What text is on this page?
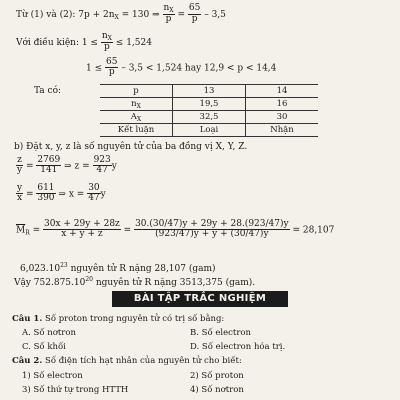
Từ (1) và (2): $7p + 2n_X = 130$ ⇒ $\frac{n_X}{p} = \frac{65}{p} - 3,5$
Với điều kiện: $1 \le \frac{n_X}{p} \le 1,524$
$1 \le \frac{65}{p} - 3,5 < 1,524$ hay 12,9 < p < 14,4
Ta có:	p	13	14
$n_X$	19,5	16
$A_X$	32,5	30
Kết luận	Loại	Nhận
b) Đặt x, y, z là số nguyên tử của ba đồng vị X, Y, Z.
$\frac{z}{y} = \frac{2769}{141}$ ⇒ $z = \frac{923}{47}$ y
$\frac{y}{x} = \frac{611}{390}$ ⇒ $x = \frac{30}{47}$ y
$\overline{M}_R = \frac{30x + 29y + 28z}{x + y + z} = \frac{30.(30/47)y + 29y + 28.(923/47)y}{(923/47)y + y + (30/47)y} = 28,107$
6,023.10$^{23}$ nguyên tử R nặng 28,107 (gam)
Vậy 752.875.10$^{20}$ nguyên tử R nặng 3513,375 (gam).
BÀI TẬP TRẮC NGHIỆM
Câu 1. Số proton trong nguyên tử có trị số bằng:
A. Số nơtron	B. Số electron
C. Số khối	D. Số electron hóa trị.
Câu 2. Số điện tích hạt nhân của nguyên tử cho biết:
1) Số electron	2) Số proton
3) Số thứ tự trong HTTH	4) Số nơtron
